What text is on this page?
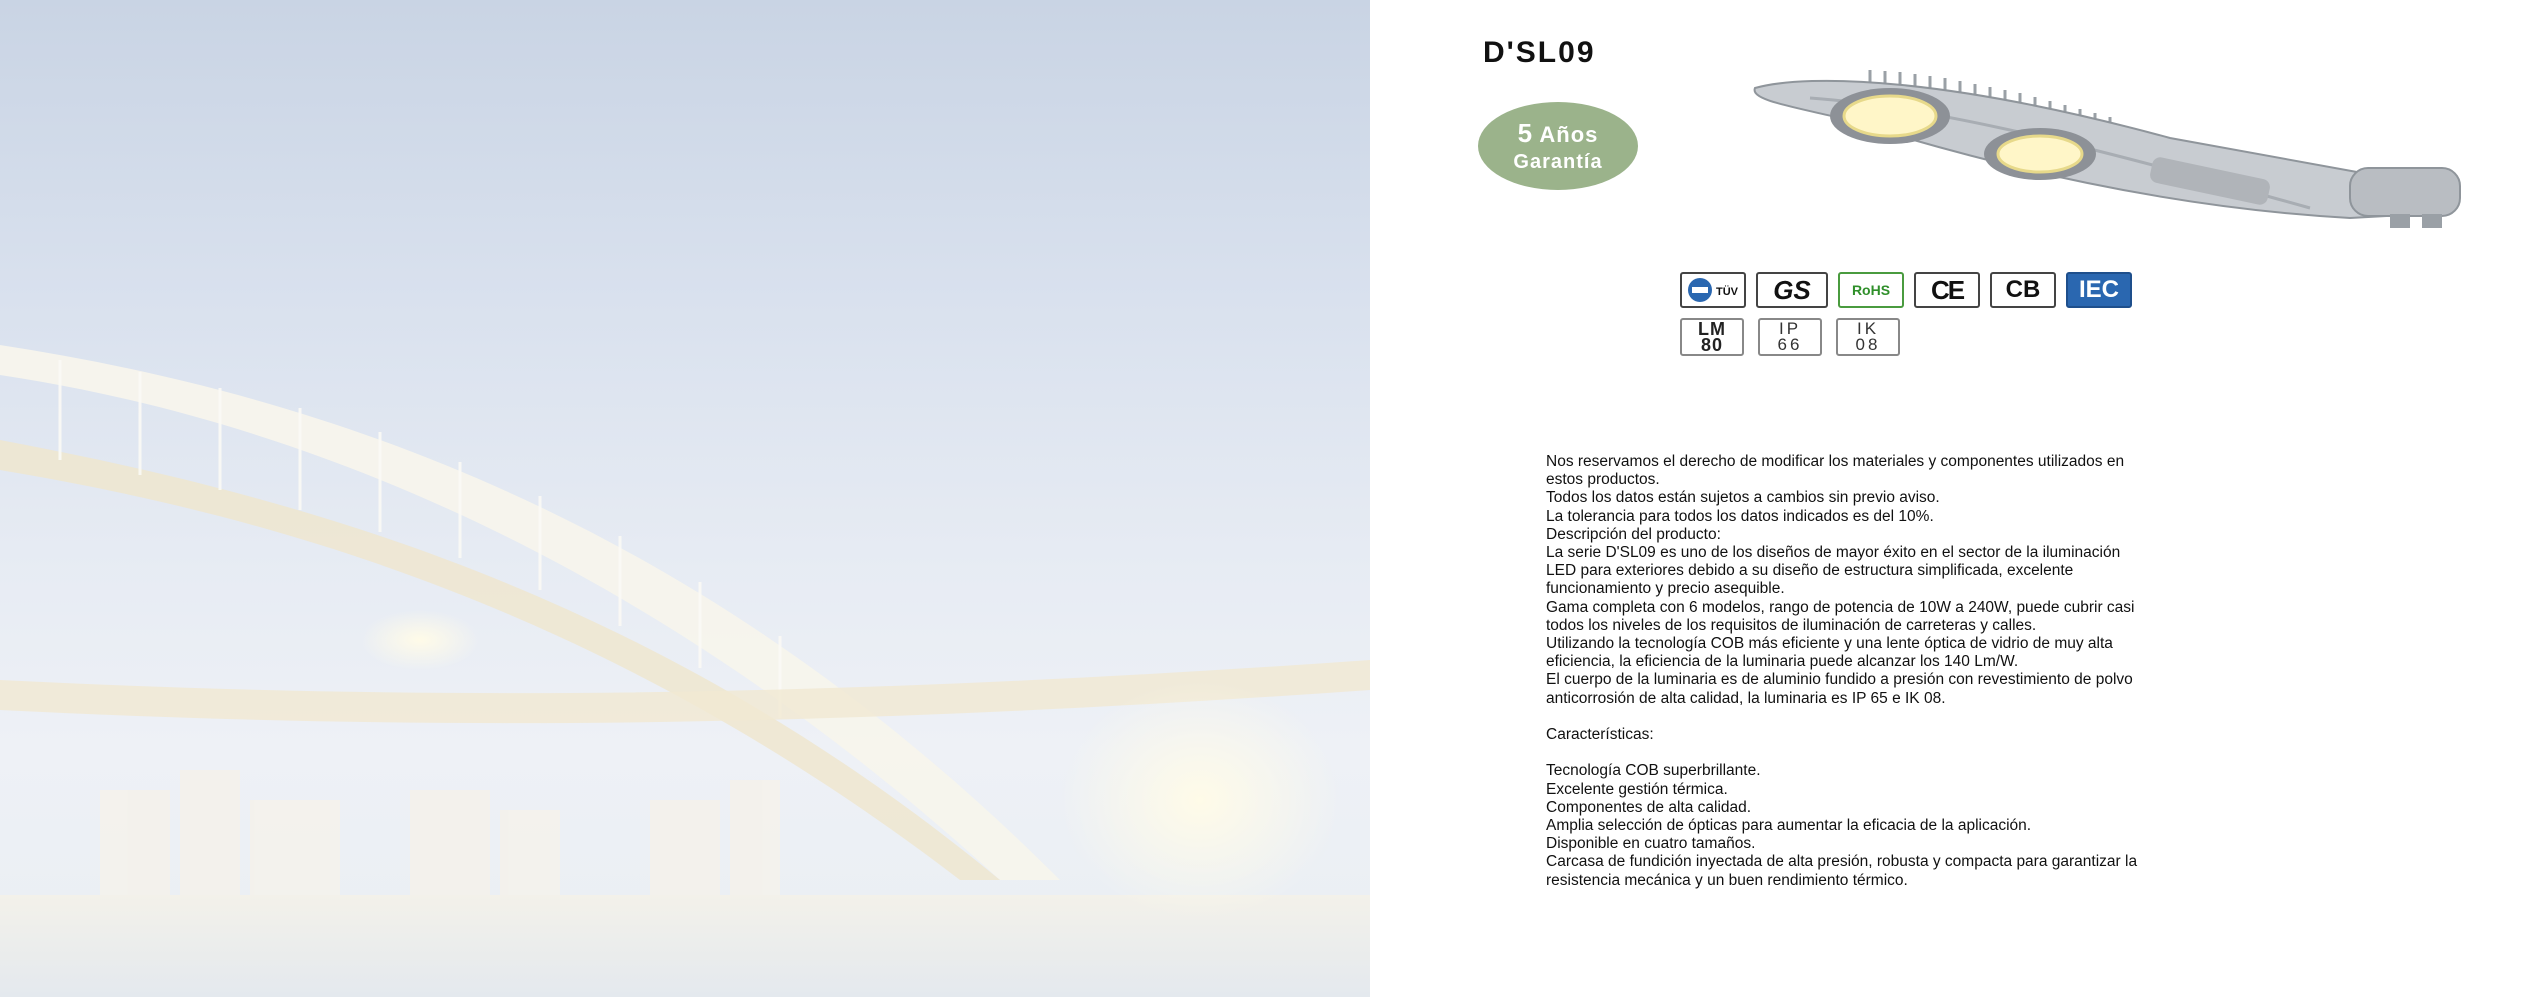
D'SL09
5 Años
Garantía
TÜV GS	RoHS CE CB IEC
LM
80
IP
66
IK
08

Nos reservamos el derecho de modificar los materiales y componentes utilizados en

estos productos.

Todos los datos están sujetos a cambios sin previo aviso.

La tolerancia para todos los datos indicados es del 10%.

Descripción del producto:

La serie D'SL09 es uno de los diseños de mayor éxito en el sector de la iluminación

LED para exteriores debido a su diseño de estructura simplificada, excelente

funcionamiento y precio asequible.

Gama completa con 6 modelos, rango de potencia de 10W a 240W, puede cubrir casi

todos los niveles de los requisitos de iluminación de carreteras y calles.

Utilizando la tecnología COB más eficiente y una lente óptica de vidrio de muy alta

eficiencia, la eficiencia de la luminaria puede alcanzar los 140 Lm/W.

El cuerpo de la luminaria es de aluminio fundido a presión con revestimiento de polvo

anticorrosión de alta calidad, la luminaria es IP 65 e IK 08.

Características:

Tecnología COB superbrillante.

Excelente gestión térmica.

Componentes de alta calidad.

Amplia selección de ópticas para aumentar la eficacia de la aplicación.

Disponible en cuatro tamaños.

Carcasa de fundición inyectada de alta presión, robusta y compacta para garantizar la

resistencia mecánica y un buen rendimiento térmico.
